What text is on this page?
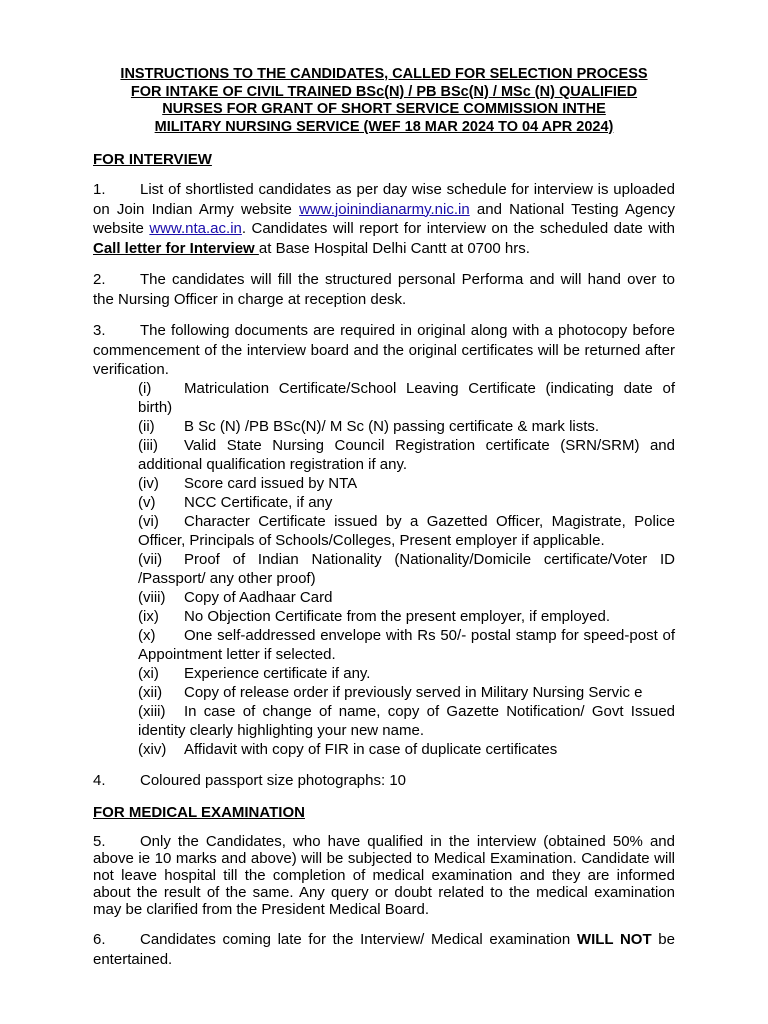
INSTRUCTIONS TO THE CANDIDATES, CALLED FOR SELECTION PROCESS
FOR INTAKE OF CIVIL TRAINED BSc(N) / PB BSc(N) / MSc (N) QUALIFIED
NURSES FOR GRANT OF SHORT SERVICE COMMISSION INTHE
MILITARY NURSING SERVICE (WEF 18 MAR 2024 TO 04 APR 2024)
FOR INTERVIEW

1. List of shortlisted candidates as per day wise schedule for interview is uploaded on Join Indian Army website www.joinindianarmy.nic.in and National Testing Agency website www.nta.ac.in. Candidates will report for interview on the scheduled date with Call letter for Interview at Base Hospital Delhi Cantt at 0700 hrs.

2. The candidates will fill the structured personal Performa and will hand over to the Nursing Officer in charge at reception desk.

3. The following documents are required in original along with a photocopy before commencement of the interview board and the original certificates will be returned after verification.

(i) Matriculation Certificate/School Leaving Certificate (indicating date of birth)
(ii) B Sc (N) /PB BSc(N)/ M Sc (N) passing certificate & mark lists.
(iii) Valid State Nursing Council Registration certificate (SRN/SRM) and additional qualification registration if any.
(iv) Score card issued by NTA
(v) NCC Certificate, if any
(vi) Character Certificate issued by a Gazetted Officer, Magistrate, Police Officer, Principals of Schools/Colleges, Present employer if applicable.
(vii) Proof of Indian Nationality (Nationality/Domicile certificate/Voter ID /Passport/ any other proof)
(viii) Copy of Aadhaar Card
(ix) No Objection Certificate from the present employer, if employed.
(x) One self-addressed envelope with Rs 50/- postal stamp for speed-post of Appointment letter if selected.
(xi) Experience certificate if any.
(xii) Copy of release order if previously served in Military Nursing Servic e
(xiii) In case of change of name, copy of Gazette Notification/ Govt Issued identity clearly highlighting your new name.
(xiv) Affidavit with copy of FIR in case of duplicate certificates

4. Coloured passport size photographs: 10

FOR MEDICAL EXAMINATION

5. Only the Candidates, who have qualified in the interview (obtained 50% and above ie 10 marks and above) will be subjected to Medical Examination. Candidate will not leave hospital till the completion of medical examination and they are informed about the result of the same. Any query or doubt related to the medical examination may be clarified from the President Medical Board.

6. Candidates coming late for the Interview/ Medical examination WILL NOT be entertained.
